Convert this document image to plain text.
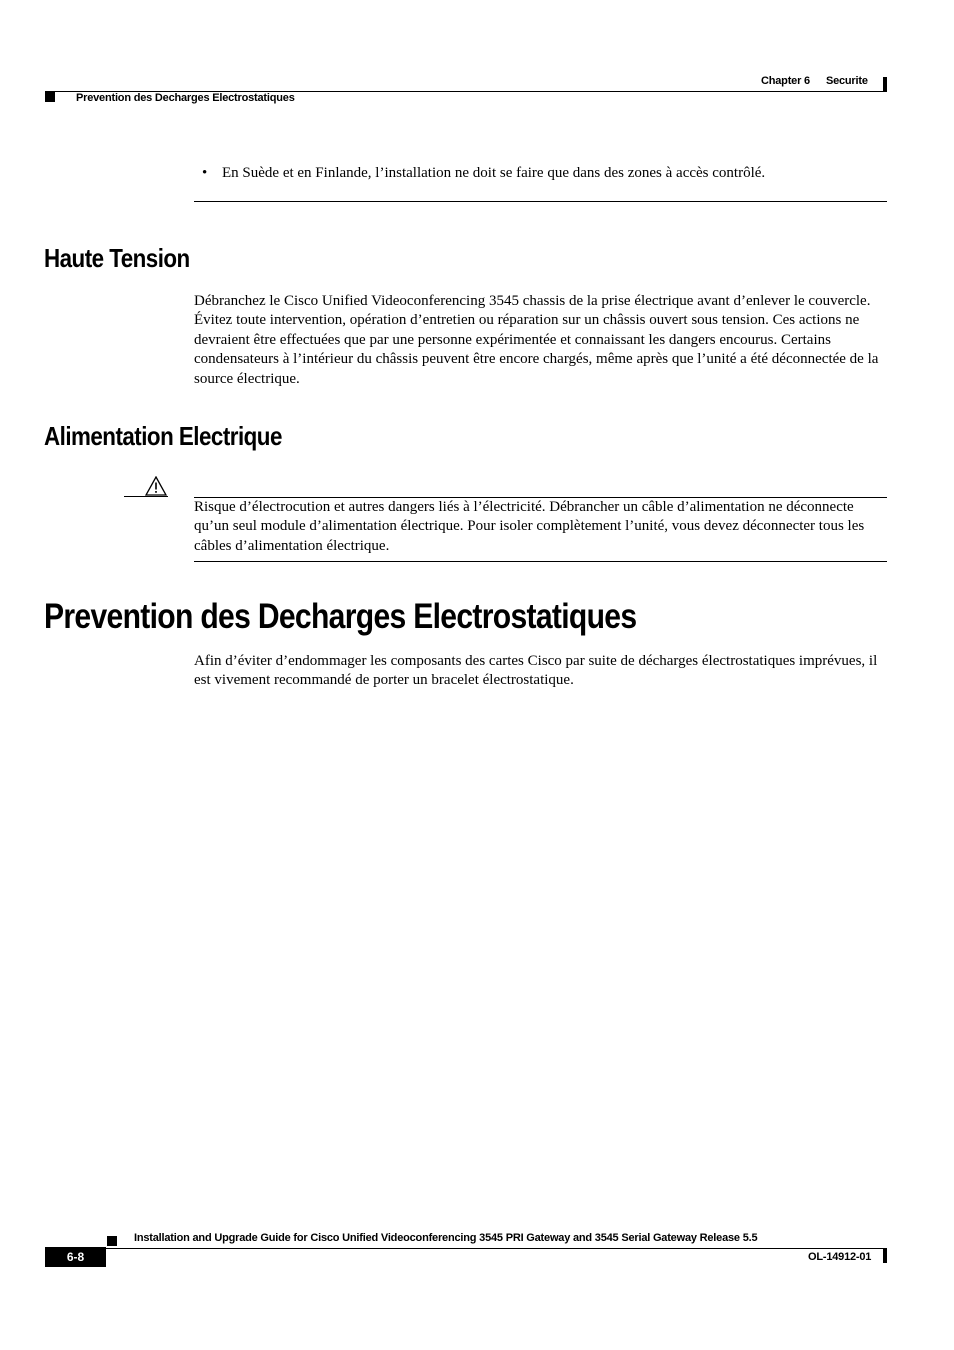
Chapter 6 Securite
Prevention des Decharges Electrostatiques
• En Suède et en Finlande, l’installation ne doit se faire que dans des zones à accès contrôlé.
Haute Tension
Débranchez le Cisco Unified Videoconferencing 3545 chassis de la prise électrique avant d’enlever le couvercle. Évitez toute intervention, opération d’entretien ou réparation sur un châssis ouvert sous tension. Ces actions ne devraient être effectuées que par une personne expérimentée et connaissant les dangers encourus. Certains condensateurs à l’intérieur du châssis peuvent être encore chargés, même après que l’unité a été déconnectée de la source électrique.
Alimentation Electrique
Risque d’électrocution et autres dangers liés à l’électricité. Débrancher un câble d’alimentation ne déconnecte qu’un seul module d’alimentation électrique. Pour isoler complètement l’unité, vous devez déconnecter tous les câbles d’alimentation électrique.
Prevention des Decharges Electrostatiques
Afin d’éviter d’endommager les composants des cartes Cisco par suite de décharges électrostatiques imprévues, il est vivement recommandé de porter un bracelet électrostatique.
Installation and Upgrade Guide for Cisco Unified Videoconferencing 3545 PRI Gateway and 3545 Serial Gateway Release 5.5
6-8	OL-14912-01
